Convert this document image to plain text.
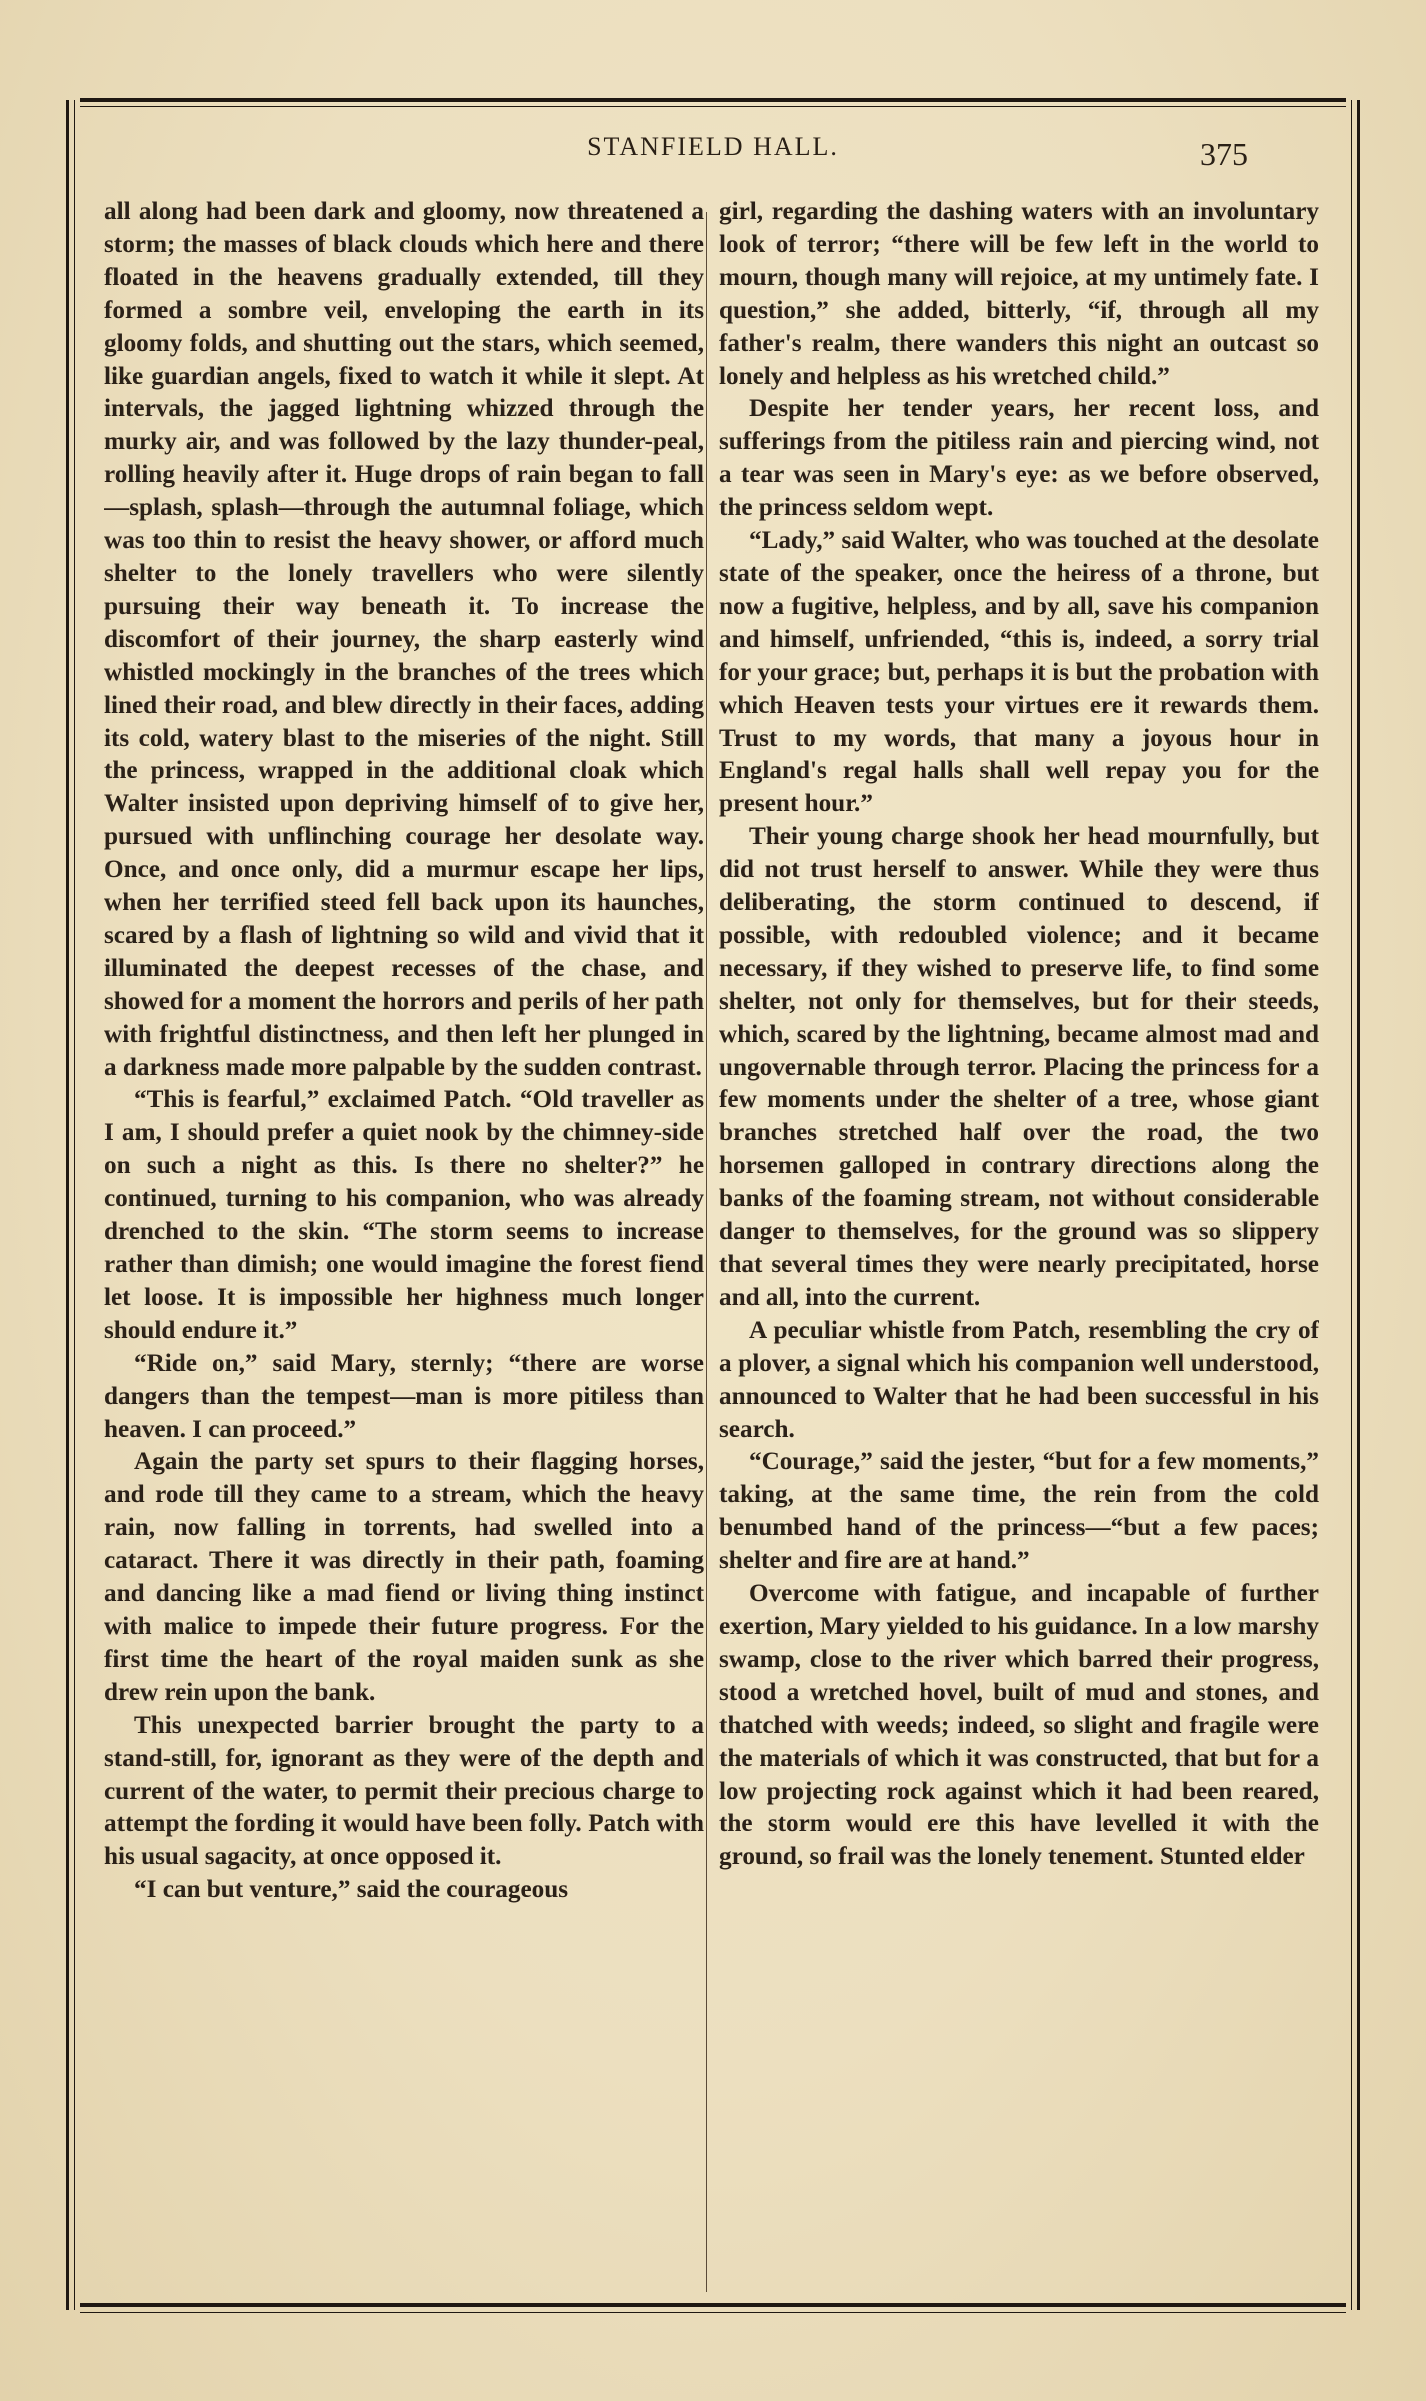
STANFIELD HALL.	375

all along had been dark and gloomy, now threatened a storm; the masses of black clouds which here and there floated in the heavens gradually extended, till they formed a sombre veil, enveloping the earth in its gloomy folds, and shutting out the stars, which seemed, like guardian angels, fixed to watch it while it slept. At intervals, the jagged lightning whizzed through the murky air, and was followed by the lazy thunder-peal, rolling heavily after it. Huge drops of rain began to fall—splash, splash—through the autumnal foliage, which was too thin to resist the heavy shower, or afford much shelter to the lonely travellers who were silently pursuing their way beneath it. To increase the discomfort of their journey, the sharp easterly wind whistled mockingly in the branches of the trees which lined their road, and blew directly in their faces, adding its cold, watery blast to the miseries of the night. Still the princess, wrapped in the additional cloak which Walter insisted upon depriving himself of to give her, pursued with unflinching courage her desolate way. Once, and once only, did a murmur escape her lips, when her terrified steed fell back upon its haunches, scared by a flash of lightning so wild and vivid that it illuminated the deepest recesses of the chase, and showed for a moment the horrors and perils of her path with frightful distinctness, and then left her plunged in a darkness made more palpable by the sudden contrast.

“This is fearful,” exclaimed Patch. “Old traveller as I am, I should prefer a quiet nook by the chimney-side on such a night as this. Is there no shelter?” he continued, turning to his companion, who was already drenched to the skin. “The storm seems to increase rather than dimish; one would imagine the forest fiend let loose. It is impossible her highness much longer should endure it.”

“Ride on,” said Mary, sternly; “there are worse dangers than the tempest—man is more pitiless than heaven. I can proceed.”

Again the party set spurs to their flagging horses, and rode till they came to a stream, which the heavy rain, now falling in torrents, had swelled into a cataract. There it was directly in their path, foaming and dancing like a mad fiend or living thing instinct with malice to impede their future progress. For the first time the heart of the royal maiden sunk as she drew rein upon the bank.

This unexpected barrier brought the party to a stand-still, for, ignorant as they were of the depth and current of the water, to permit their precious charge to attempt the fording it would have been folly. Patch with his usual sagacity, at once opposed it.

“I can but venture,” said the courageous

girl, regarding the dashing waters with an involuntary look of terror; “there will be few left in the world to mourn, though many will rejoice, at my untimely fate. I question,” she added, bitterly, “if, through all my father's realm, there wanders this night an outcast so lonely and helpless as his wretched child.”

Despite her tender years, her recent loss, and sufferings from the pitiless rain and piercing wind, not a tear was seen in Mary's eye: as we before observed, the princess seldom wept.

“Lady,” said Walter, who was touched at the desolate state of the speaker, once the heiress of a throne, but now a fugitive, helpless, and by all, save his companion and himself, unfriended, “this is, indeed, a sorry trial for your grace; but, perhaps it is but the probation with which Heaven tests your virtues ere it rewards them. Trust to my words, that many a joyous hour in England's regal halls shall well repay you for the present hour.”

Their young charge shook her head mournfully, but did not trust herself to answer. While they were thus deliberating, the storm continued to descend, if possible, with redoubled violence; and it became necessary, if they wished to preserve life, to find some shelter, not only for themselves, but for their steeds, which, scared by the lightning, became almost mad and ungovernable through terror. Placing the princess for a few moments under the shelter of a tree, whose giant branches stretched half over the road, the two horsemen galloped in contrary directions along the banks of the foaming stream, not without considerable danger to themselves, for the ground was so slippery that several times they were nearly precipitated, horse and all, into the current.

A peculiar whistle from Patch, resembling the cry of a plover, a signal which his companion well understood, announced to Walter that he had been successful in his search.

“Courage,” said the jester, “but for a few moments,” taking, at the same time, the rein from the cold benumbed hand of the princess—“but a few paces; shelter and fire are at hand.”

Overcome with fatigue, and incapable of further exertion, Mary yielded to his guidance. In a low marshy swamp, close to the river which barred their progress, stood a wretched hovel, built of mud and stones, and thatched with weeds; indeed, so slight and fragile were the materials of which it was constructed, that but for a low projecting rock against which it had been reared, the storm would ere this have levelled it with the ground, so frail was the lonely tenement. Stunted elder
